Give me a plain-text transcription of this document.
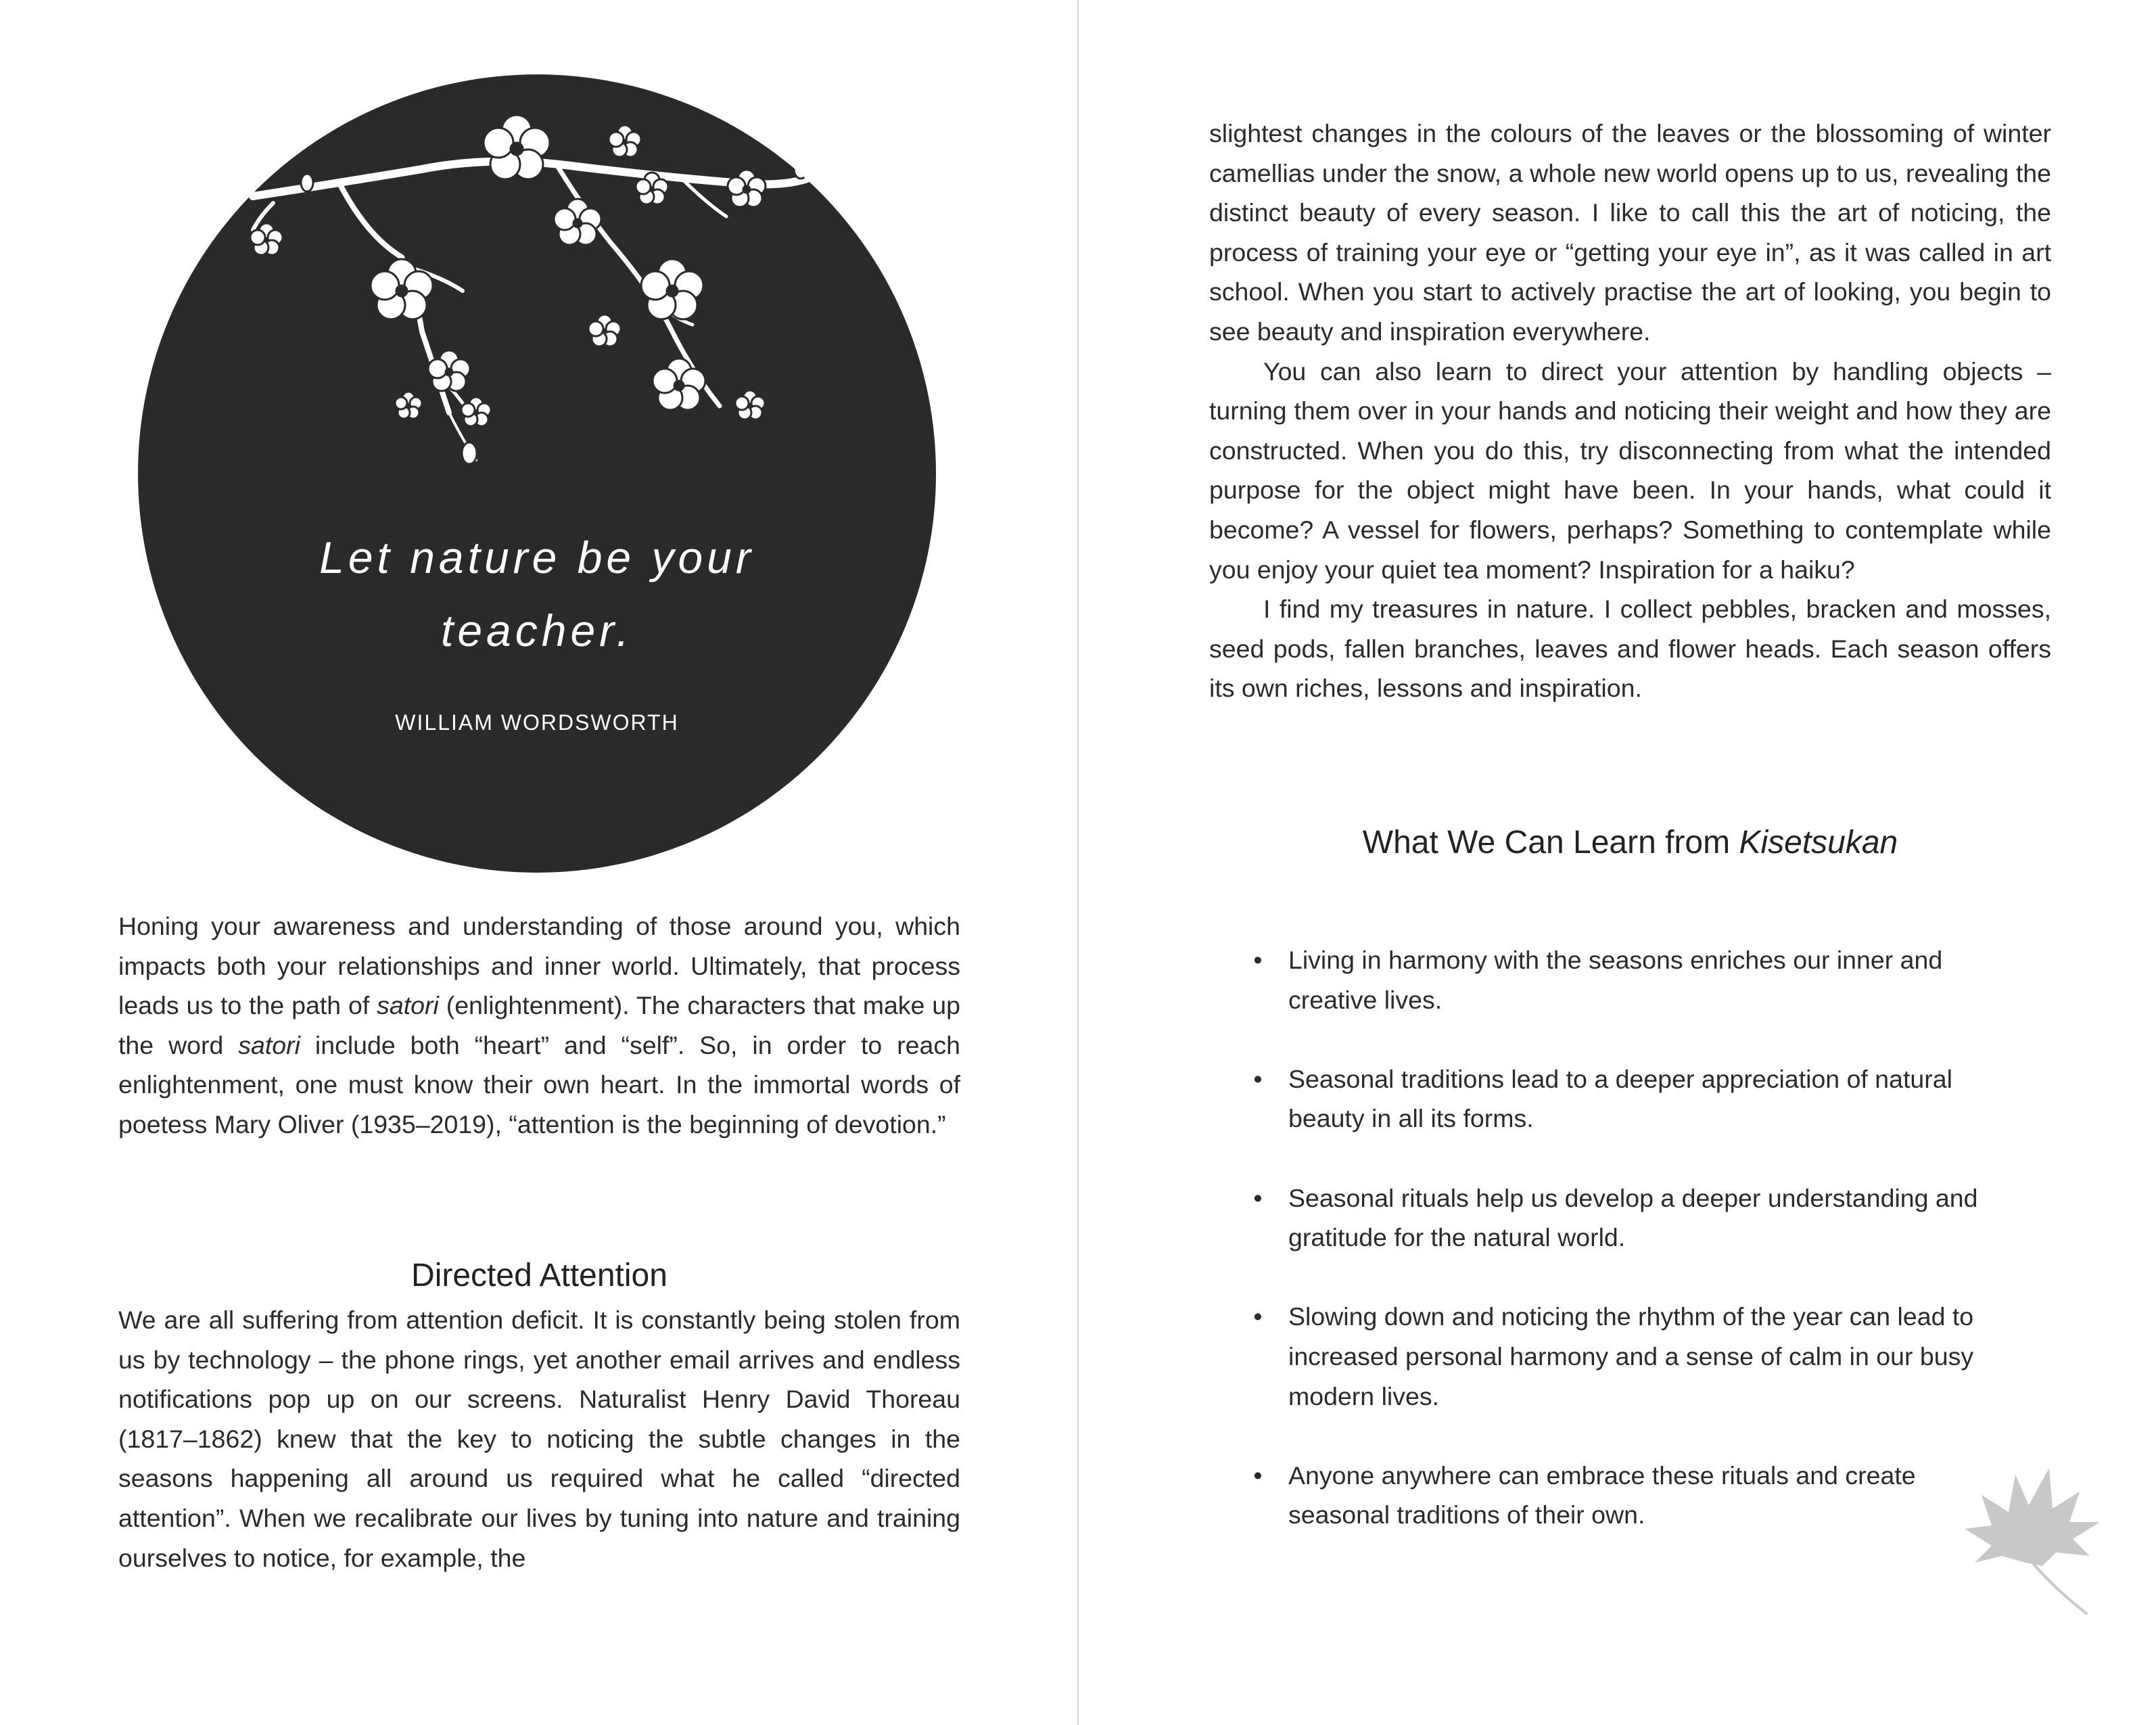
Let nature be your
teacher.
WILLIAM WORDSWORTH

Honing your awareness and understanding of those around you, which impacts both your relationships and inner world. Ultimately, that process leads us to the path of satori (enlightenment). The characters that make up the word satori include both “heart” and “self”. So, in order to reach enlightenment, one must know their own heart. In the immortal words of poetess Mary Oliver (1935–2019), “attention is the beginning of devotion.”

Directed Attention

We are all suffering from attention deficit. It is constantly being stolen from us by technology – the phone rings, yet another email arrives and endless notifications pop up on our screens. Naturalist Henry David Thoreau (1817–1862) knew that the key to noticing the subtle changes in the seasons happening all around us required what he called “directed attention”. When we recalibrate our lives by tuning into nature and training ourselves to notice, for example, the

slightest changes in the colours of the leaves or the blossoming of winter camellias under the snow, a whole new world opens up to us, revealing the distinct beauty of every season. I like to call this the art of noticing, the process of training your eye or “getting your eye in”, as it was called in art school. When you start to actively practise the art of looking, you begin to see beauty and inspiration everywhere.

You can also learn to direct your attention by handling objects – turning them over in your hands and noticing their weight and how they are constructed. When you do this, try disconnecting from what the intended purpose for the object might have been. In your hands, what could it become? A vessel for flowers, perhaps? Something to contemplate while you enjoy your quiet tea moment? Inspiration for a haiku?

I find my treasures in nature. I collect pebbles, bracken and mosses, seed pods, fallen branches, leaves and flower heads. Each season offers its own riches, lessons and inspiration.

What We Can Learn from Kisetsukan
• Living in harmony with the seasons enriches our inner and creative lives.
• Seasonal traditions lead to a deeper appreciation of natural beauty in all its forms.
• Seasonal rituals help us develop a deeper understanding and gratitude for the natural world.
• Slowing down and noticing the rhythm of the year can lead to increased personal harmony and a sense of calm in our busy modern lives.
• Anyone anywhere can embrace these rituals and create seasonal traditions of their own.
